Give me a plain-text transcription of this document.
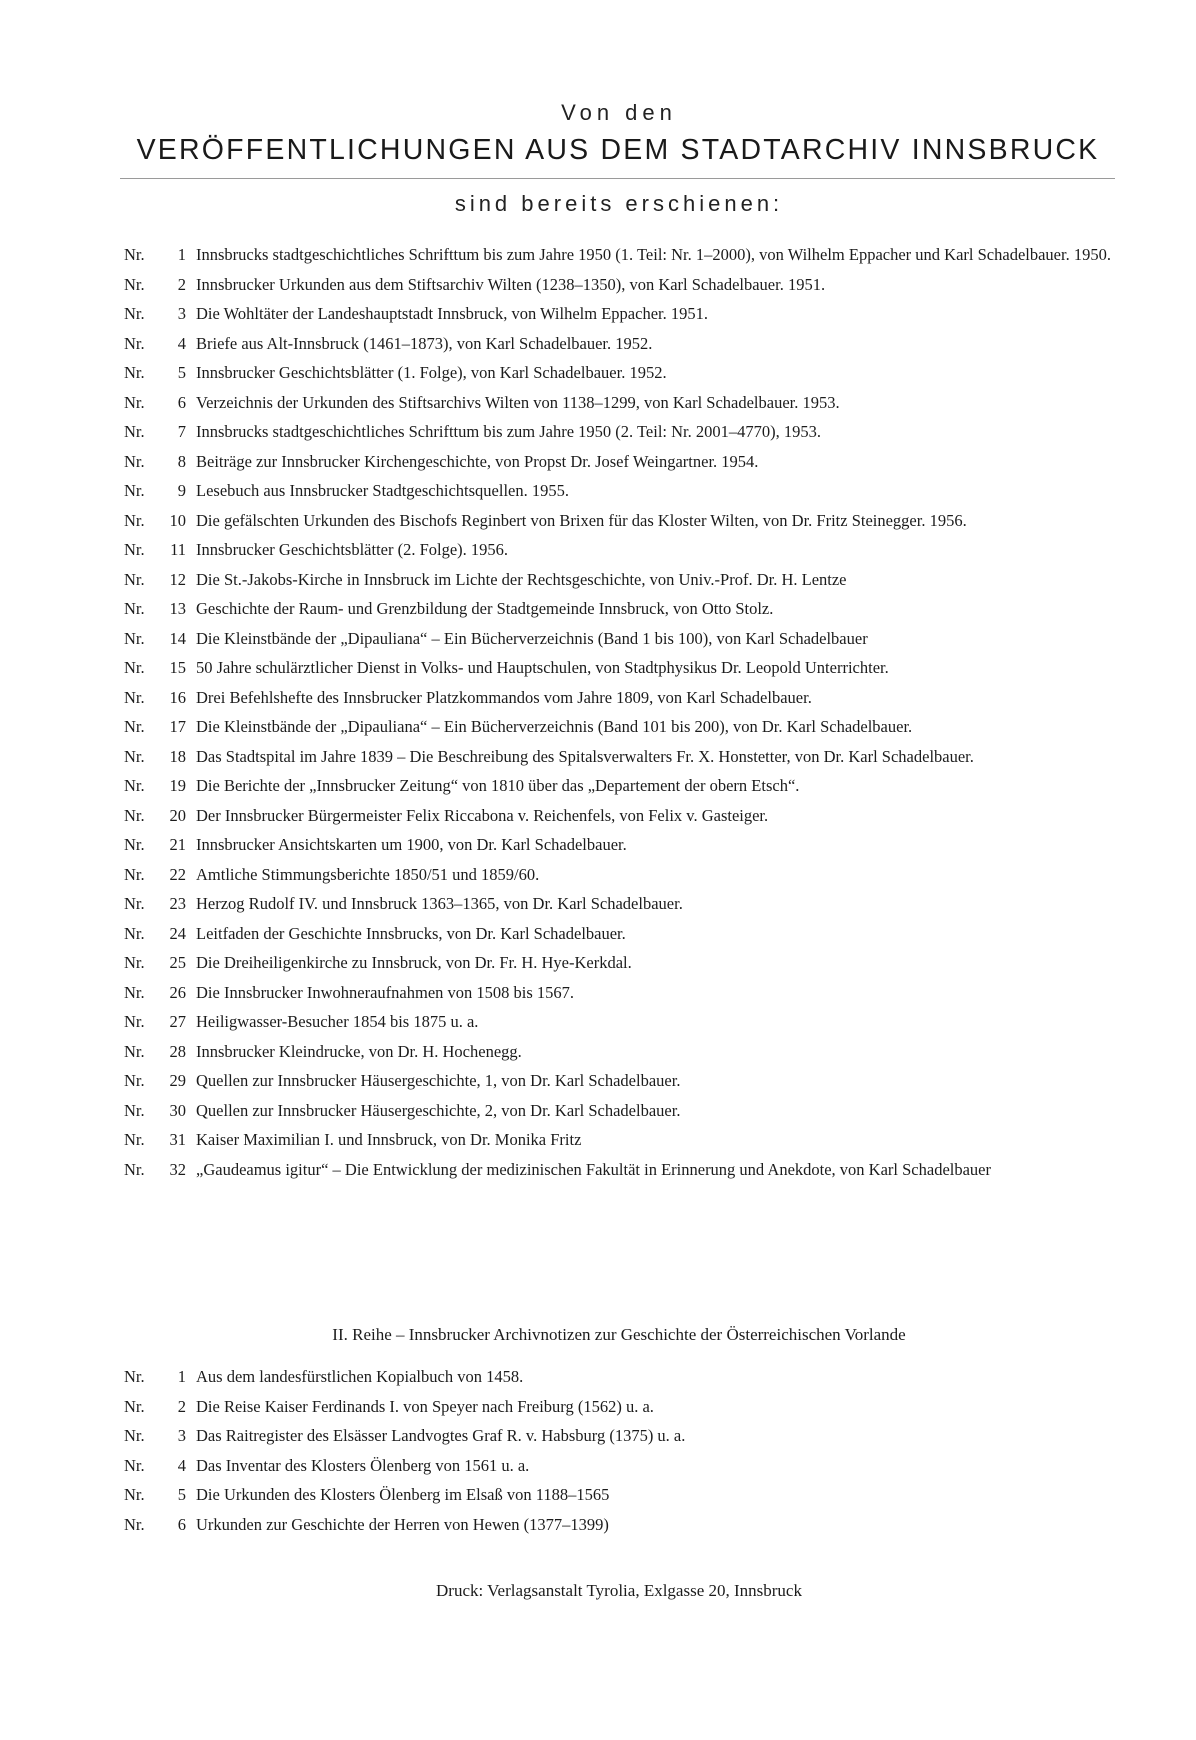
Von den
VERÖFFENTLICHUNGEN AUS DEM STADTARCHIV INNSBRUCK
sind bereits erschienen:
Nr. 1 Innsbrucks stadtgeschichtliches Schrifttum bis zum Jahre 1950 (1. Teil: Nr. 1–2000), von Wilhelm Eppacher und Karl Schadelbauer. 1950.
Nr. 2 Innsbrucker Urkunden aus dem Stiftsarchiv Wilten (1238–1350), von Karl Schadelbauer. 1951.
Nr. 3 Die Wohltäter der Landeshauptstadt Innsbruck, von Wilhelm Eppacher. 1951.
Nr. 4 Briefe aus Alt-Innsbruck (1461–1873), von Karl Schadelbauer. 1952.
Nr. 5 Innsbrucker Geschichtsblätter (1. Folge), von Karl Schadelbauer. 1952.
Nr. 6 Verzeichnis der Urkunden des Stiftsarchivs Wilten von 1138–1299, von Karl Schadelbauer. 1953.
Nr. 7 Innsbrucks stadtgeschichtliches Schrifttum bis zum Jahre 1950 (2. Teil: Nr. 2001–4770), 1953.
Nr. 8 Beiträge zur Innsbrucker Kirchengeschichte, von Propst Dr. Josef Weingartner. 1954.
Nr. 9 Lesebuch aus Innsbrucker Stadtgeschichtsquellen. 1955.
Nr. 10 Die gefälschten Urkunden des Bischofs Reginbert von Brixen für das Kloster Wilten, von Dr. Fritz Steinegger. 1956.
Nr. 11 Innsbrucker Geschichtsblätter (2. Folge). 1956.
Nr. 12 Die St.-Jakobs-Kirche in Innsbruck im Lichte der Rechtsgeschichte, von Univ.-Prof. Dr. H. Lentze
Nr. 13 Geschichte der Raum- und Grenzbildung der Stadtgemeinde Innsbruck, von Otto Stolz.
Nr. 14 Die Kleinstbände der „Dipauliana“ – Ein Bücherverzeichnis (Band 1 bis 100), von Karl Schadelbauer
Nr. 15 50 Jahre schulärztlicher Dienst in Volks- und Hauptschulen, von Stadtphysikus Dr. Leopold Unterrichter.
Nr. 16 Drei Befehlshefte des Innsbrucker Platzkommandos vom Jahre 1809, von Karl Schadelbauer.
Nr. 17 Die Kleinstbände der „Dipauliana“ – Ein Bücherverzeichnis (Band 101 bis 200), von Dr. Karl Schadelbauer.
Nr. 18 Das Stadtspital im Jahre 1839 – Die Beschreibung des Spitalsverwalters Fr. X. Honstetter, von Dr. Karl Schadelbauer.
Nr. 19 Die Berichte der „Innsbrucker Zeitung“ von 1810 über das „Departement der obern Etsch“.
Nr. 20 Der Innsbrucker Bürgermeister Felix Riccabona v. Reichenfels, von Felix v. Gasteiger.
Nr. 21 Innsbrucker Ansichtskarten um 1900, von Dr. Karl Schadelbauer.
Nr. 22 Amtliche Stimmungsberichte 1850/51 und 1859/60.
Nr. 23 Herzog Rudolf IV. und Innsbruck 1363–1365, von Dr. Karl Schadelbauer.
Nr. 24 Leitfaden der Geschichte Innsbrucks, von Dr. Karl Schadelbauer.
Nr. 25 Die Dreiheiligenkirche zu Innsbruck, von Dr. Fr. H. Hye-Kerkdal.
Nr. 26 Die Innsbrucker Inwohneraufnahmen von 1508 bis 1567.
Nr. 27 Heiligwasser-Besucher 1854 bis 1875 u. a.
Nr. 28 Innsbrucker Kleindrucke, von Dr. H. Hochenegg.
Nr. 29 Quellen zur Innsbrucker Häusergeschichte, 1, von Dr. Karl Schadelbauer.
Nr. 30 Quellen zur Innsbrucker Häusergeschichte, 2, von Dr. Karl Schadelbauer.
Nr. 31 Kaiser Maximilian I. und Innsbruck, von Dr. Monika Fritz
Nr. 32 „Gaudeamus igitur“ – Die Entwicklung der medizinischen Fakultät in Erinnerung und Anekdote, von Karl Schadelbauer
II. Reihe – Innsbrucker Archivnotizen zur Geschichte der Österreichischen Vorlande
Nr. 1 Aus dem landesfürstlichen Kopialbuch von 1458.
Nr. 2 Die Reise Kaiser Ferdinands I. von Speyer nach Freiburg (1562) u. a.
Nr. 3 Das Raitregister des Elsässer Landvogtes Graf R. v. Habsburg (1375) u. a.
Nr. 4 Das Inventar des Klosters Ölenberg von 1561 u. a.
Nr. 5 Die Urkunden des Klosters Ölenberg im Elsaß von 1188–1565
Nr. 6 Urkunden zur Geschichte der Herren von Hewen (1377–1399)
Druck: Verlagsanstalt Tyrolia, Exlgasse 20, Innsbruck
